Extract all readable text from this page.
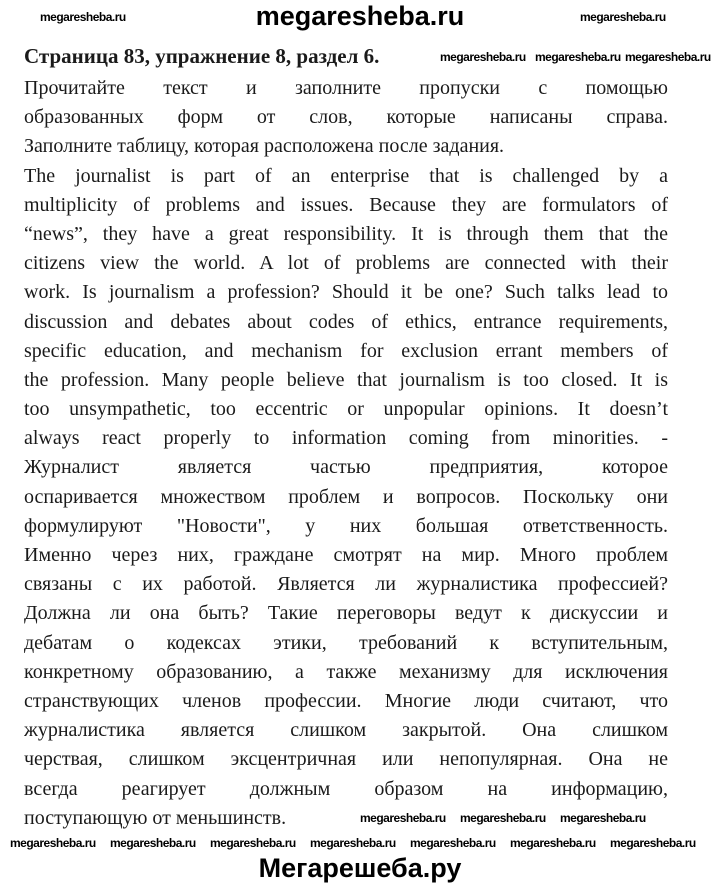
megaresheba.ru
Страница 83, упражнение 8, раздел 6.
Прочитайте текст и заполните пропуски с помощью
образованных форм от слов, которые написаны справа.
Заполните таблицу, которая расположена после задания.
The journalist is part of an enterprise that is challenged by a
multiplicity of problems and issues. Because they are formulators of
“news”, they have a great responsibility. It is through them that the
citizens view the world. A lot of problems are connected with their
work. Is journalism a profession? Should it be one? Such talks lead to
discussion and debates about codes of ethics, entrance requirements,
specific education, and mechanism for exclusion errant members of
the profession. Many people believe that journalism is too closed. It is
too unsympathetic, too eccentric or unpopular opinions. It doesn’t
always react properly to information coming from minorities. -
Журналист является частью предприятия, которое
оспаривается множеством проблем и вопросов. Поскольку они
формулируют "Новости", у них большая ответственность.
Именно через них, граждане смотрят на мир. Много проблем
связаны с их работой. Является ли журналистика профессией?
Должна ли она быть? Такие переговоры ведут к дискуссии и
дебатам о кодексах этики, требований к вступительным,
конкретному образованию, а также механизму для исключения
странствующих членов профессии. Многие люди считают, что
журналистика является слишком закрытой. Она слишком
черствая, слишком эксцентричная или непопулярная. Она не
всегда реагирует должным образом на информацию,
поступающую от меньшинств.
megaresheba.ru	megaresheba.ru
megaresheba.ru megaresheba.ru megaresheba.ru
megaresheba.ru megaresheba.ru megaresheba.ru
megaresheba.ru megaresheba.ru megaresheba.ru megaresheba.ru megaresheba.ru megaresheba.ru megaresheba.ru
Мегарешеба.ру
